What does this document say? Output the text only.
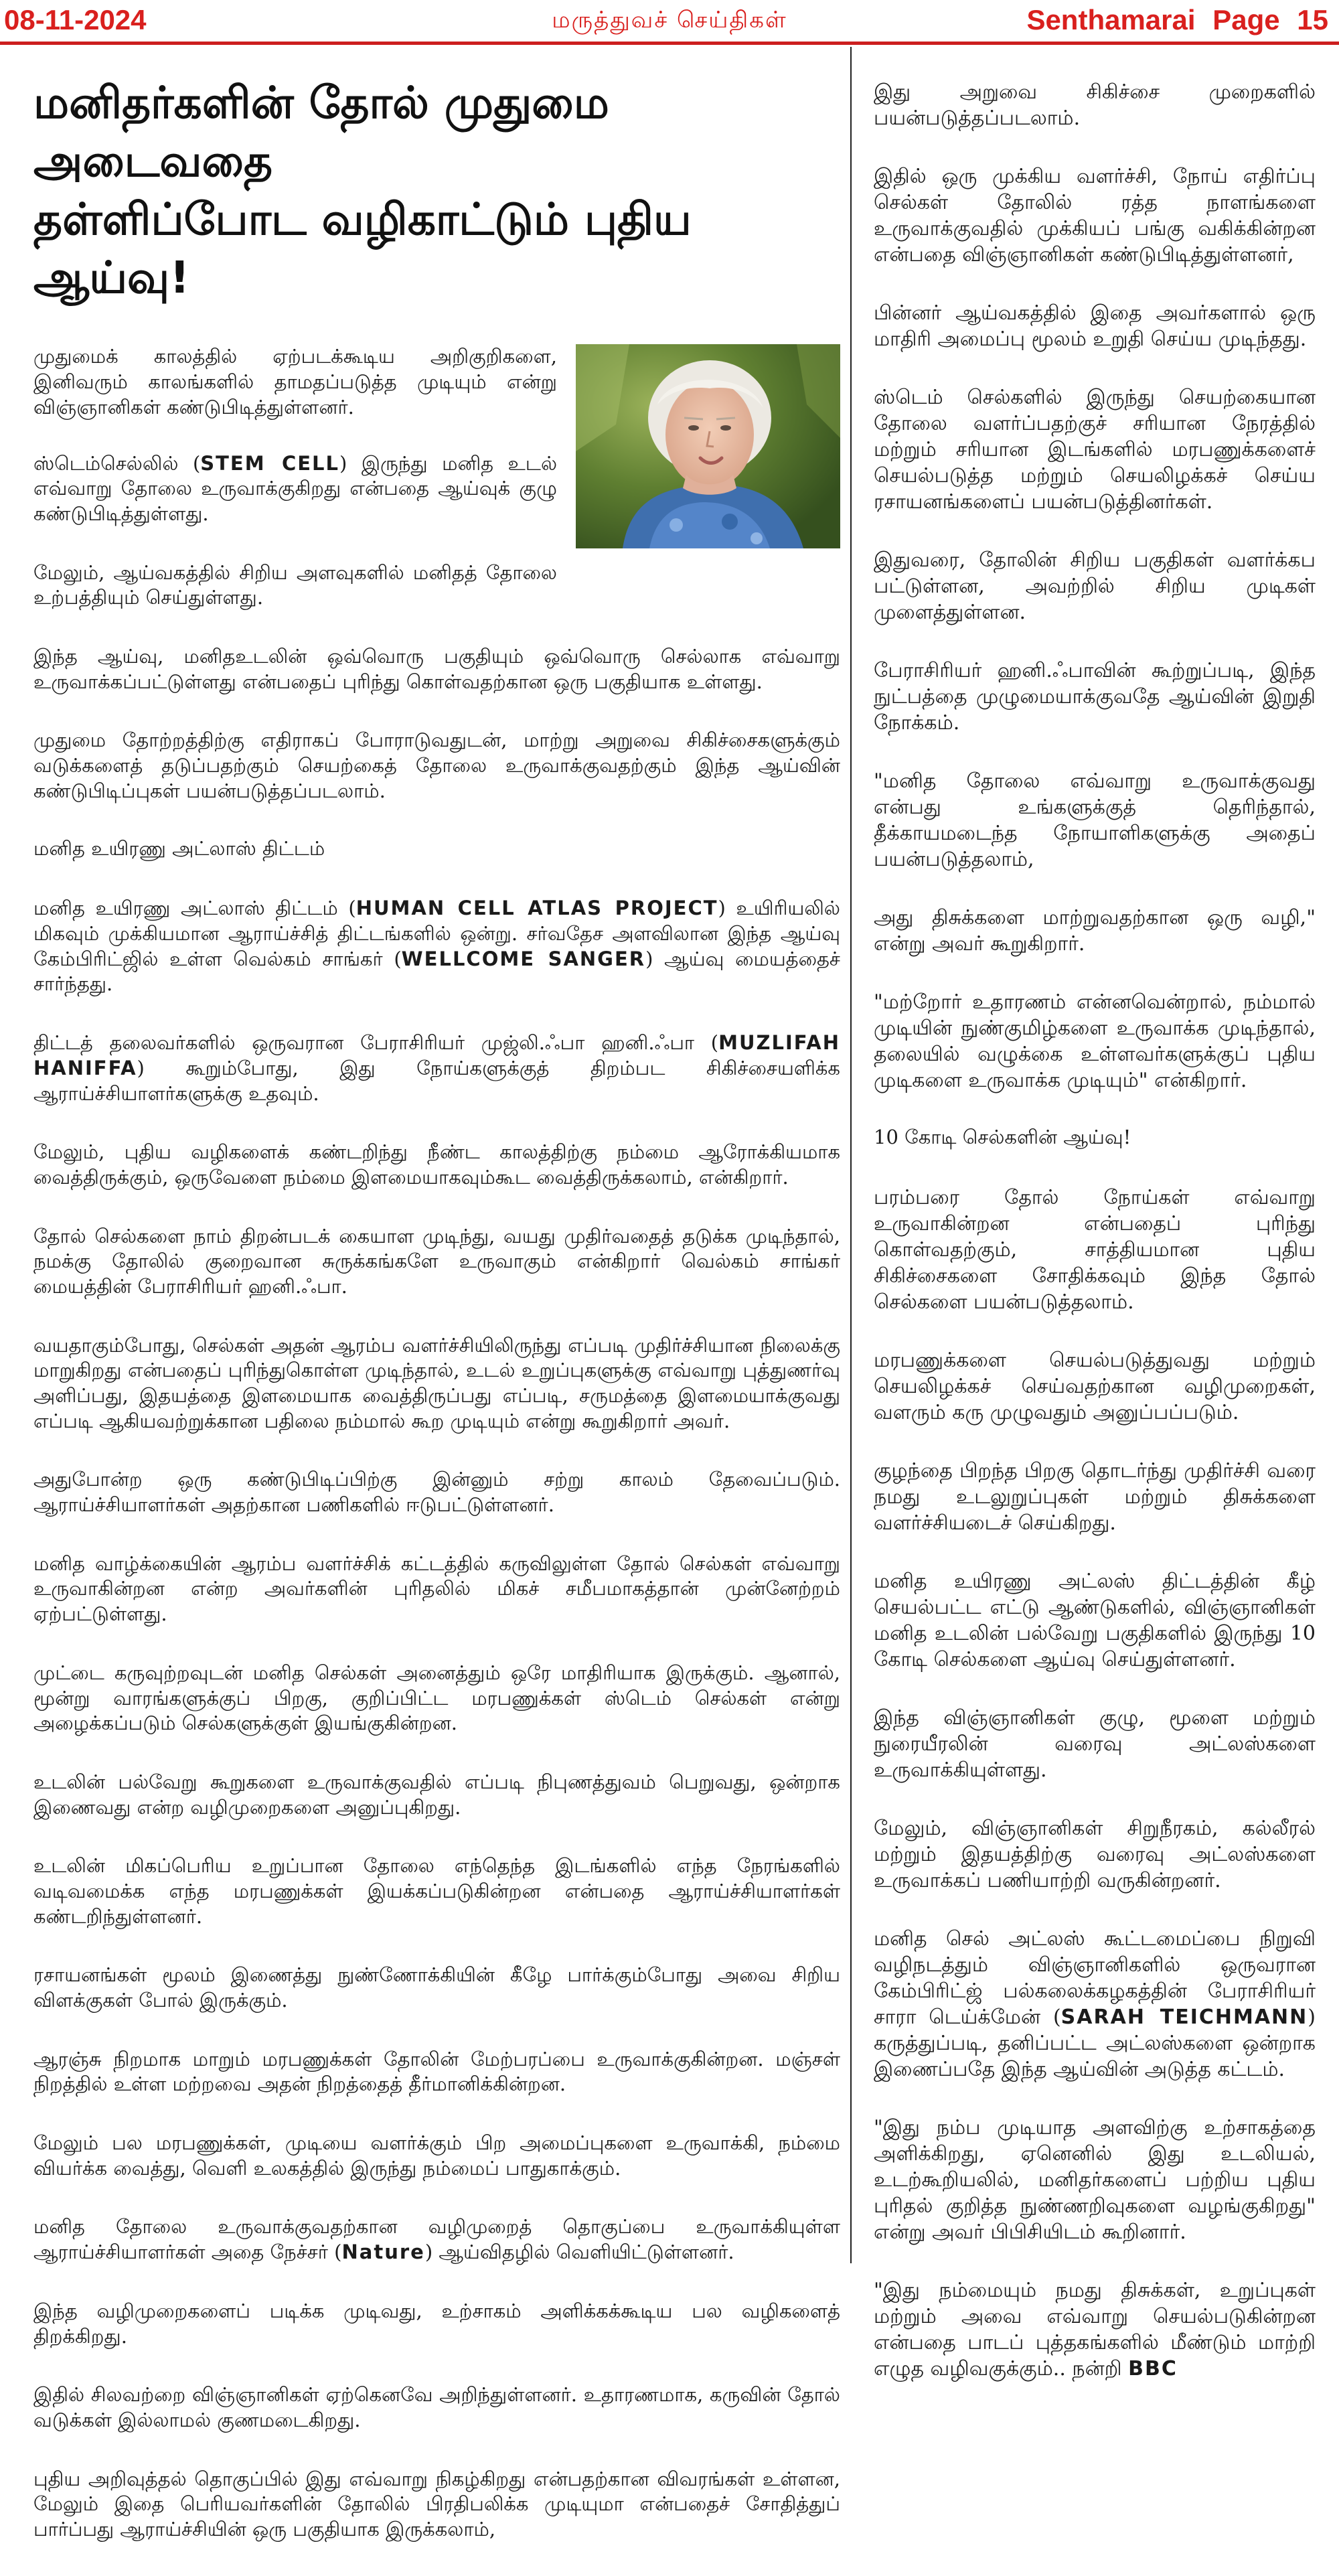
08-11-2024	மருத்துவச் செய்திகள்	Senthamarai Page 15
மனிதர்களின் தோல் முதுமை அடைவதை
தள்ளிப்போட வழிகாட்டும் புதிய ஆய்வு!

முதுமைக் காலத்தில் ஏற்படக்கூடிய அறிகுறிகளை, இனிவரும் காலங்களில் தாமதப்படுத்த முடியும் என்று விஞ்ஞானிகள் கண்டுபிடித்துள்ளனர்.

ஸ்டெம்செல்லில் (STEM CELL) இருந்து மனித உடல் எவ்வாறு தோலை உருவாக்குகிறது என்பதை ஆய்வுக் குழு கண்டுபிடித்துள்ளது.

மேலும், ஆய்வகத்தில் சிறிய அளவுகளில் மனிதத் தோலை உற்பத்தியும் செய்துள்ளது.

இந்த ஆய்வு, மனிதஉடலின் ஒவ்வொரு பகுதியும் ஒவ்வொரு செல்லாக எவ்வாறு உருவாக்கப்பட்டுள்ளது என்பதைப் புரிந்து கொள்வதற்கான ஒரு பகுதியாக உள்ளது.

முதுமை தோற்றத்திற்கு எதிராகப் போராடுவதுடன், மாற்று அறுவை சிகிச்சைகளுக்கும் வடுக்களைத் தடுப்பதற்கும் செயற்கைத் தோலை உருவாக்குவதற்கும் இந்த ஆய்வின் கண்டுபிடிப்புகள் பயன்படுத்தப்படலாம்.

மனித உயிரணு அட்லாஸ் திட்டம்

மனித உயிரணு அட்லாஸ் திட்டம் (HUMAN CELL ATLAS PROJECT) உயிரியலில் மிகவும் முக்கியமான ஆராய்ச்சித் திட்டங்களில் ஒன்று. சர்வதேச அளவிலான இந்த ஆய்வு கேம்பிரிட்ஜில் உள்ள வெல்கம் சாங்கர் (WELLCOME SANGER) ஆய்வு மையத்தைச் சார்ந்தது.

திட்டத் தலைவர்களில் ஒருவரான பேராசிரியர் முஜ்லி.ஃபா ஹனி.ஃபா (MUZLIFAH HANIFFA) கூறும்போது, இது நோய்களுக்குத் திறம்பட சிகிச்சையளிக்க ஆராய்ச்சியாளர்களுக்கு உதவும்.

மேலும், புதிய வழிகளைக் கண்டறிந்து நீண்ட காலத்திற்கு நம்மை ஆரோக்கியமாக வைத்திருக்கும், ஒருவேளை நம்மை இளமையாகவும்கூட வைத்திருக்கலாம், என்கிறார்.

தோல் செல்களை நாம் திறன்படக் கையாள முடிந்து, வயது முதிர்வதைத் தடுக்க முடிந்தால், நமக்கு தோலில் குறைவான சுருக்கங்களே உருவாகும் என்கிறார் வெல்கம் சாங்கர் மையத்தின் பேராசிரியர் ஹனி.ஃபா.

வயதாகும்போது, செல்கள் அதன் ஆரம்ப வளர்ச்சியிலிருந்து எப்படி முதிர்ச்சியான நிலைக்கு மாறுகிறது என்பதைப் புரிந்துகொள்ள முடிந்தால், உடல் உறுப்புகளுக்கு எவ்வாறு புத்துணர்வு அளிப்பது, இதயத்தை இளமையாக வைத்திருப்பது எப்படி, சருமத்தை இளமையாக்குவது எப்படி ஆகியவற்றுக்கான பதிலை நம்மால் கூற முடியும் என்று கூறுகிறார் அவர்.

அதுபோன்ற ஒரு கண்டுபிடிப்பிற்கு இன்னும் சற்று காலம் தேவைப்படும். ஆராய்ச்சியாளர்கள் அதற்கான பணிகளில் ஈடுபட்டுள்ளனர்.

மனித வாழ்க்கையின் ஆரம்ப வளர்ச்சிக் கட்டத்தில் கருவிலுள்ள தோல் செல்கள் எவ்வாறு உருவாகின்றன என்ற அவர்களின் புரிதலில் மிகச் சமீபமாகத்தான் முன்னேற்றம் ஏற்பட்டுள்ளது.

முட்டை கருவுற்றவுடன் மனித செல்கள் அனைத்தும் ஒரே மாதிரியாக இருக்கும். ஆனால், மூன்று வாரங்களுக்குப் பிறகு, குறிப்பிட்ட மரபணுக்கள் ஸ்டெம் செல்கள் என்று அழைக்கப்படும் செல்களுக்குள் இயங்குகின்றன.

உடலின் பல்வேறு கூறுகளை உருவாக்குவதில் எப்படி நிபுணத்துவம் பெறுவது, ஒன்றாக இணைவது என்ற வழிமுறைகளை அனுப்புகிறது.

உடலின் மிகப்பெரிய உறுப்பான தோலை எந்தெந்த இடங்களில் எந்த நேரங்களில் வடிவமைக்க எந்த மரபணுக்கள் இயக்கப்படுகின்றன என்பதை ஆராய்ச்சியாளர்கள் கண்டறிந்துள்ளனர்.

ரசாயனங்கள் மூலம் இணைத்து நுண்ணோக்கியின் கீழே பார்க்கும்போது அவை சிறிய விளக்குகள் போல் இருக்கும்.

ஆரஞ்சு நிறமாக மாறும் மரபணுக்கள் தோலின் மேற்பரப்பை உருவாக்குகின்றன. மஞ்சள் நிறத்தில் உள்ள மற்றவை அதன் நிறத்தைத் தீர்மானிக்கின்றன.

மேலும் பல மரபணுக்கள், முடியை வளர்க்கும் பிற அமைப்புகளை உருவாக்கி, நம்மை வியர்க்க வைத்து, வெளி உலகத்தில் இருந்து நம்மைப் பாதுகாக்கும்.

மனித தோலை உருவாக்குவதற்கான வழிமுறைத் தொகுப்பை உருவாக்கியுள்ள ஆராய்ச்சியாளர்கள் அதை நேச்சர் (Nature) ஆய்விதழில் வெளியிட்டுள்ளனர்.

இந்த வழிமுறைகளைப் படிக்க முடிவது, உற்சாகம் அளிக்கக்கூடிய பல வழிகளைத் திறக்கிறது.

இதில் சிலவற்றை விஞ்ஞானிகள் ஏற்கெனவே அறிந்துள்ளனர். உதாரணமாக, கருவின் தோல் வடுக்கள் இல்லாமல் குணமடைகிறது.

புதிய அறிவுத்தல் தொகுப்பில் இது எவ்வாறு நிகழ்கிறது என்பதற்கான விவரங்கள் உள்ளன, மேலும் இதை பெரியவர்களின் தோலில் பிரதிபலிக்க முடியுமா என்பதைச் சோதித்துப் பார்ப்பது ஆராய்ச்சியின் ஒரு பகுதியாக இருக்கலாம்,

இது அறுவை சிகிச்சை முறைகளில் பயன்படுத்தப்படலாம்.

இதில் ஒரு முக்கிய வளர்ச்சி, நோய் எதிர்ப்பு செல்கள் தோலில் ரத்த நாளங்களை உருவாக்குவதில் முக்கியப் பங்கு வகிக்கின்றன என்பதை விஞ்ஞானிகள் கண்டுபிடித்துள்ளனர்,

பின்னர் ஆய்வகத்தில் இதை அவர்களால் ஒரு மாதிரி அமைப்பு மூலம் உறுதி செய்ய முடிந்தது.

ஸ்டெம் செல்களில் இருந்து செயற்கையான தோலை வளர்ப்பதற்குச் சரியான நேரத்தில் மற்றும் சரியான இடங்களில் மரபணுக்களைச் செயல்படுத்த மற்றும் செயலிழக்கச் செய்ய ரசாயனங்களைப் பயன்படுத்தினர்கள்.

இதுவரை, தோலின் சிறிய பகுதிகள் வளர்க்கப பட்டுள்ளன, அவற்றில் சிறிய முடிகள் முளைத்துள்ளன.

பேராசிரியர் ஹனி.ஃபாவின் கூற்றுப்படி, இந்த நுட்பத்தை முழுமையாக்குவதே ஆய்வின் இறுதி நோக்கம்.

"மனித தோலை எவ்வாறு உருவாக்குவது என்பது உங்களுக்குத் தெரிந்தால், தீக்காயமடைந்த நோயாளிகளுக்கு அதைப் பயன்படுத்தலாம்,

அது திசுக்களை மாற்றுவதற்கான ஒரு வழி," என்று அவர் கூறுகிறார்.

"மற்றோர் உதாரணம் என்னவென்றால், நம்மால் முடியின் நுண்குமிழ்களை உருவாக்க முடிந்தால், தலையில் வழுக்கை உள்ளவர்களுக்குப் புதிய முடிகளை உருவாக்க முடியும்" என்கிறார்.

10 கோடி செல்களின் ஆய்வு!

பரம்பரை தோல் நோய்கள் எவ்வாறு உருவாகின்றன என்பதைப் புரிந்து கொள்வதற்கும், சாத்தியமான புதிய சிகிச்சைகளை சோதிக்கவும் இந்த தோல் செல்களை பயன்படுத்தலாம்.

மரபணுக்களை செயல்படுத்துவது மற்றும் செயலிழக்கச் செய்வதற்கான வழிமுறைகள், வளரும் கரு முழுவதும் அனுப்பப்படும்.

குழந்தை பிறந்த பிறகு தொடர்ந்து முதிர்ச்சி வரை நமது உடலுறுப்புகள் மற்றும் திசுக்களை வளர்ச்சியடைச் செய்கிறது.

மனித உயிரணு அட்லஸ் திட்டத்தின் கீழ் செயல்பட்ட எட்டு ஆண்டுகளில், விஞ்ஞானிகள் மனித உடலின் பல்வேறு பகுதிகளில் இருந்து 10 கோடி செல்களை ஆய்வு செய்துள்ளனர்.

இந்த விஞ்ஞானிகள் குழு, மூளை மற்றும் நுரையீரலின் வரைவு அட்லஸ்களை உருவாக்கியுள்ளது.

மேலும், விஞ்ஞானிகள் சிறுநீரகம், கல்லீரல் மற்றும் இதயத்திற்கு வரைவு அட்லஸ்களை உருவாக்கப் பணியாற்றி வருகின்றனர்.

மனித செல் அட்லஸ் கூட்டமைப்பை நிறுவி வழிநடத்தும் விஞ்ஞானிகளில் ஒருவரான கேம்பிரிட்ஜ் பல்கலைக்கழகத்தின் பேராசிரியர் சாரா டெய்க்மேன் (SARAH TEICHMANN) கருத்துப்படி, தனிப்பட்ட அட்லஸ்களை ஒன்றாக இணைப்பதே இந்த ஆய்வின் அடுத்த கட்டம்.

"இது நம்ப முடியாத அளவிற்கு உற்சாகத்தை அளிக்கிறது, ஏனெனில் இது உடலியல், உடற்கூறியலில், மனிதர்களைப் பற்றிய புதிய புரிதல் குறித்த நுண்ணறிவுகளை வழங்குகிறது" என்று அவர் பிபிசியிடம் கூறினார்.

"இது நம்மையும் நமது திசுக்கள், உறுப்புகள் மற்றும் அவை எவ்வாறு செயல்படுகின்றன என்பதை பாடப் புத்தகங்களில் மீண்டும் மாற்றி எழுத வழிவகுக்கும்.. நன்றி BBC
